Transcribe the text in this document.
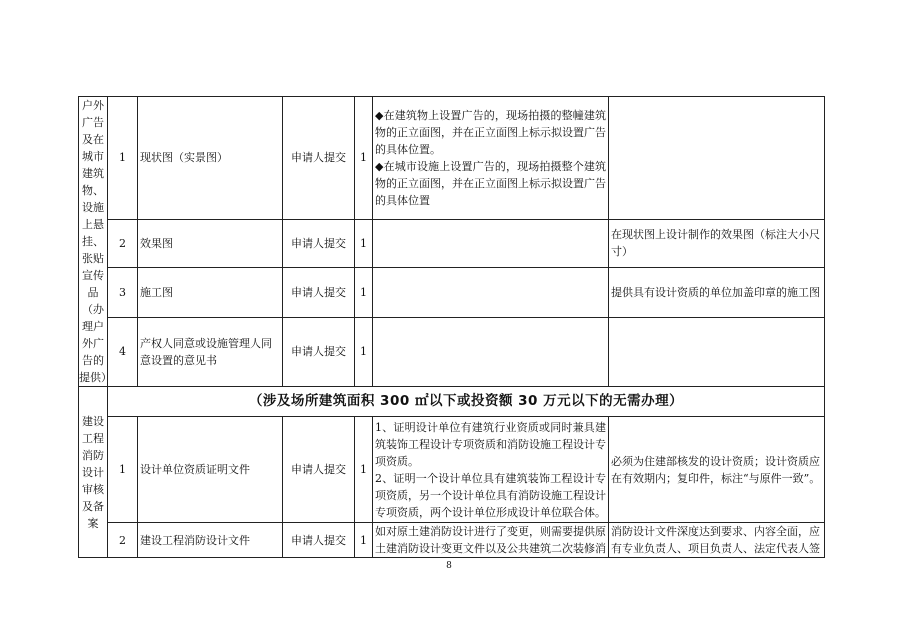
户外广告及在城市建筑物、设施上悬挂、张贴宣传品（办理户外广告的提供）	1	现状图（实景图）	申请人提交	1	◆在建筑物上设置广告的，现场拍摄的整幢建筑物的正立面图，并在正立面图上标示拟设置广告的具体位置。
◆在城市设施上设置广告的，现场拍摄整个建筑物的正立面图，并在正立面图上标示拟设置广告的具体位置	

	2	效果图	申请人提交	1		在现状图上设计制作的效果图（标注大小尺寸）
	3	施工图	申请人提交	1		提供具有设计资质的单位加盖印章的施工图
	4	产权人同意或设施管理人同意设置的意见书	申请人提交	1		
建设工程消防设计审核及备案	（涉及场所建筑面积 300 ㎡以下或投资额 30 万元以下的无需办理）					
	1	设计单位资质证明文件	申请人提交	1	1、证明设计单位有建筑行业资质或同时兼具建筑装饰工程设计专项资质和消防设施工程设计专项资质。
2、证明一个设计单位具有建筑装饰工程设计专项资质，另一个设计单位具有消防设施工程设计专项资质，两个设计单位形成设计单位联合体。	必须为住建部核发的设计资质；设计资质应在有效期内；复印件，标注“与原件一致”。
	2	建设工程消防设计文件	申请人提交	1	如对原土建消防设计进行了变更，则需要提供原土建消防设计变更文件以及公共建筑二次装修消	消防设计文件深度达到要求、内容全面，应有专业负责人、项目负责人、法定代表人签
8
